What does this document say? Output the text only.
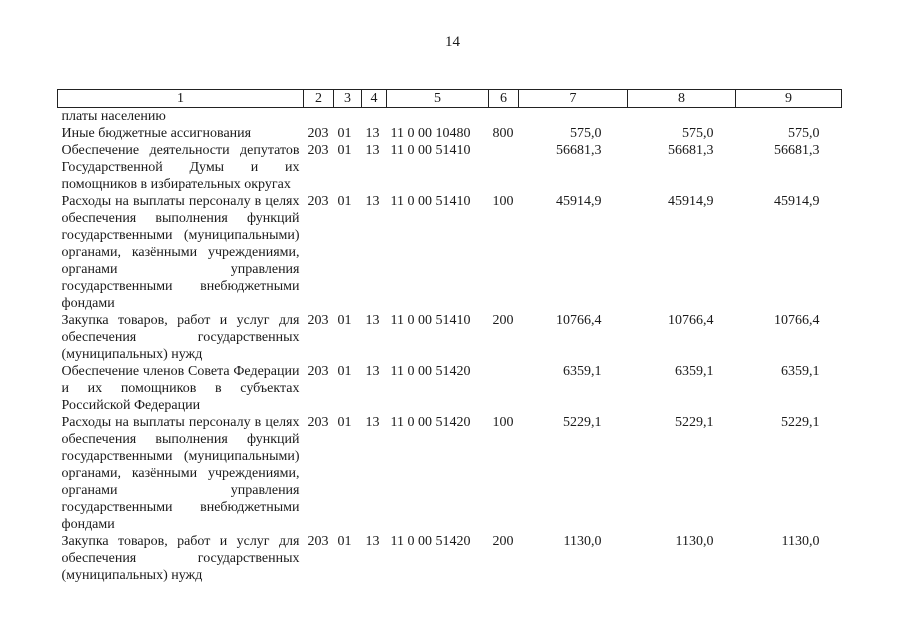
14
1	2	3	4	5	6	7	8	9
платы населению								
Иные бюджетные ассигнования	203	01	13	11 0 00 10480	800	575,0	575,0	575,0
Обеспечение деятельности депутатов Государственной Думы и их помощников в избирательных округах	203	01	13	11 0 00 51410		56681,3	56681,3	56681,3
Расходы на выплаты персоналу в целях обеспечения выполнения функций государственными (муниципальными) органами, казёнными учреждениями, органами управления государственными внебюджетными фондами	203	01	13	11 0 00 51410	100	45914,9	45914,9	45914,9
Закупка товаров, работ и услуг для обеспечения государственных (муниципальных) нужд	203	01	13	11 0 00 51410	200	10766,4	10766,4	10766,4
Обеспечение членов Совета Федерации и их помощников в субъектах Российской Федерации	203	01	13	11 0 00 51420		6359,1	6359,1	6359,1
Расходы на выплаты персоналу в целях обеспечения выполнения функций государственными (муниципальными) органами, казёнными учреждениями, органами управления государственными внебюджетными фондами	203	01	13	11 0 00 51420	100	5229,1	5229,1	5229,1
Закупка товаров, работ и услуг для обеспечения государственных (муниципальных) нужд	203	01	13	11 0 00 51420	200	1130,0	1130,0	1130,0
